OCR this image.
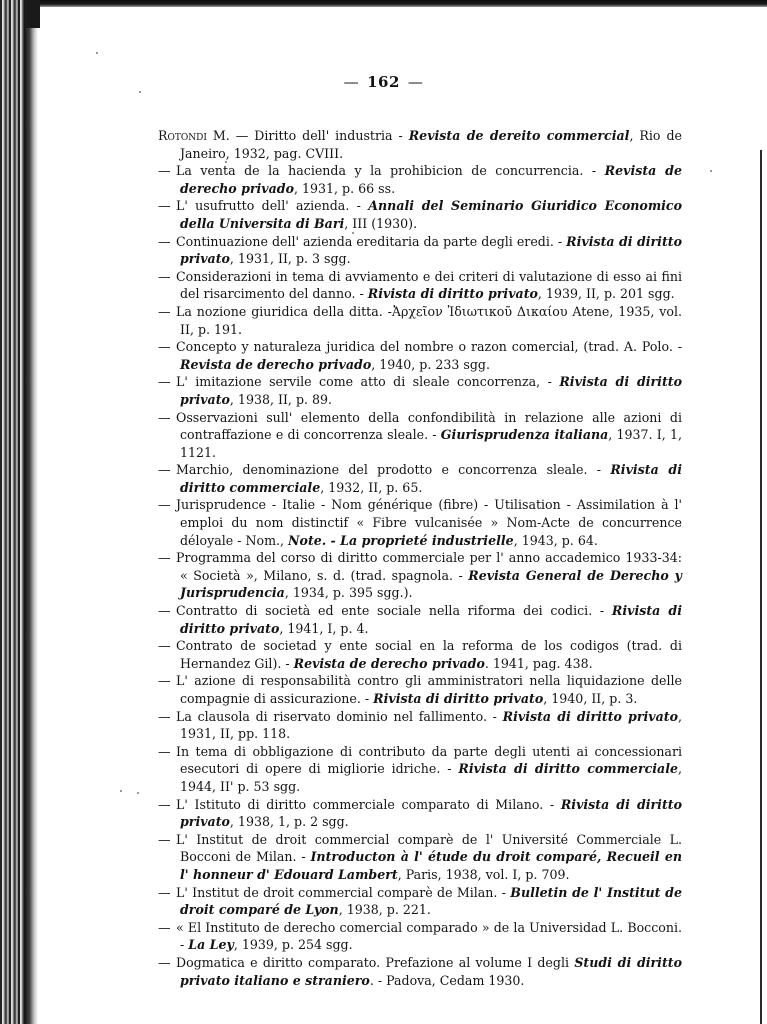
— 162 —

Rotondi M. — Diritto dell' industria - Revista de dereito commercial, Rio de Janeiro, 1932, pag. CVIII.

— La venta de la hacienda y la prohibicion de concurrencia. - Revista de derecho privado, 1931, p. 66 ss.

— L' usufrutto dell' azienda. - Annali del Seminario Giuridico Economico della Universita di Bari, III (1930).

— Continuazione dell' azienda ereditaria da parte degli eredi. - Rivista di diritto privato, 1931, II, p. 3 sgg.

— Considerazioni in tema di avviamento e dei criteri di valutazione di esso ai fini del risarcimento del danno. - Rivista di diritto privato, 1939, II, p. 201 sgg.

— La nozione giuridica della ditta. -Ἀρχεῖον Ἰδιωτικοῦ Δικαίου Atene, 1935, vol. II, p. 191.

— Concepto y naturaleza juridica del nombre o razon comercial, (trad. A. Polo. - Revista de derecho privado, 1940, p. 233 sgg.

— L' imitazione servile come atto di sleale concorrenza, - Rivista di diritto privato, 1938, II, p. 89.

— Osservazioni sull' elemento della confondibilità in relazione alle azioni di contraffazione e di concorrenza sleale. - Giurisprudenza italiana, 1937. I, 1, 1121.

— Marchio, denominazione del prodotto e concorrenza sleale. - Rivista di diritto commerciale, 1932, II, p. 65.

— Jurisprudence - Italie - Nom générique (fibre) - Utilisation - Assimilation à l' emploi du nom distinctif « Fibre vulcanisée » Nom-Acte de concurrence déloyale - Nom., Note. - La proprieté industrielle, 1943, p. 64.

— Programma del corso di diritto commerciale per l' anno accademico 1933-34: « Società », Milano, s. d. (trad. spagnola. - Revista General de Derecho y Jurisprudencia, 1934, p. 395 sgg.).

— Contratto di società ed ente sociale nella riforma dei codici. - Rivista di diritto privato, 1941, I, p. 4.

— Contrato de societad y ente social en la reforma de los codigos (trad. di Hernandez Gil). - Revista de derecho privado. 1941, pag. 438.

— L' azione di responsabilità contro gli amministratori nella liquidazione delle compagnie di assicurazione. - Rivista di diritto privato, 1940, II, p. 3.

— La clausola di riservato dominio nel fallimento. - Rivista di diritto privato, 1931, II, pp. 118.

— In tema di obbligazione di contributo da parte degli utenti ai concessionari esecutori di opere di migliorie idriche. - Rivista di diritto commerciale, 1944, II' p. 53 sgg.

— L' Istituto di diritto commerciale comparato di Milano. - Rivista di diritto privato, 1938, 1, p. 2 sgg.

— L' Institut de droit commercial comparè de l' Université Commerciale L. Bocconi de Milan. - Introducton à l' étude du droit comparé, Recueil en l' honneur d' Edouard Lambert, Paris, 1938, vol. I, p. 709.

— L' Institut de droit commercial comparè de Milan. - Bulletin de l' Institut de droit comparé de Lyon, 1938, p. 221.

— « El Instituto de derecho comercial comparado » de la Universidad L. Bocconi. - La Ley, 1939, p. 254 sgg.

— Dogmatica e diritto comparato. Prefazione al volume I degli Studi di diritto privato italiano e straniero. - Padova, Cedam 1930.
